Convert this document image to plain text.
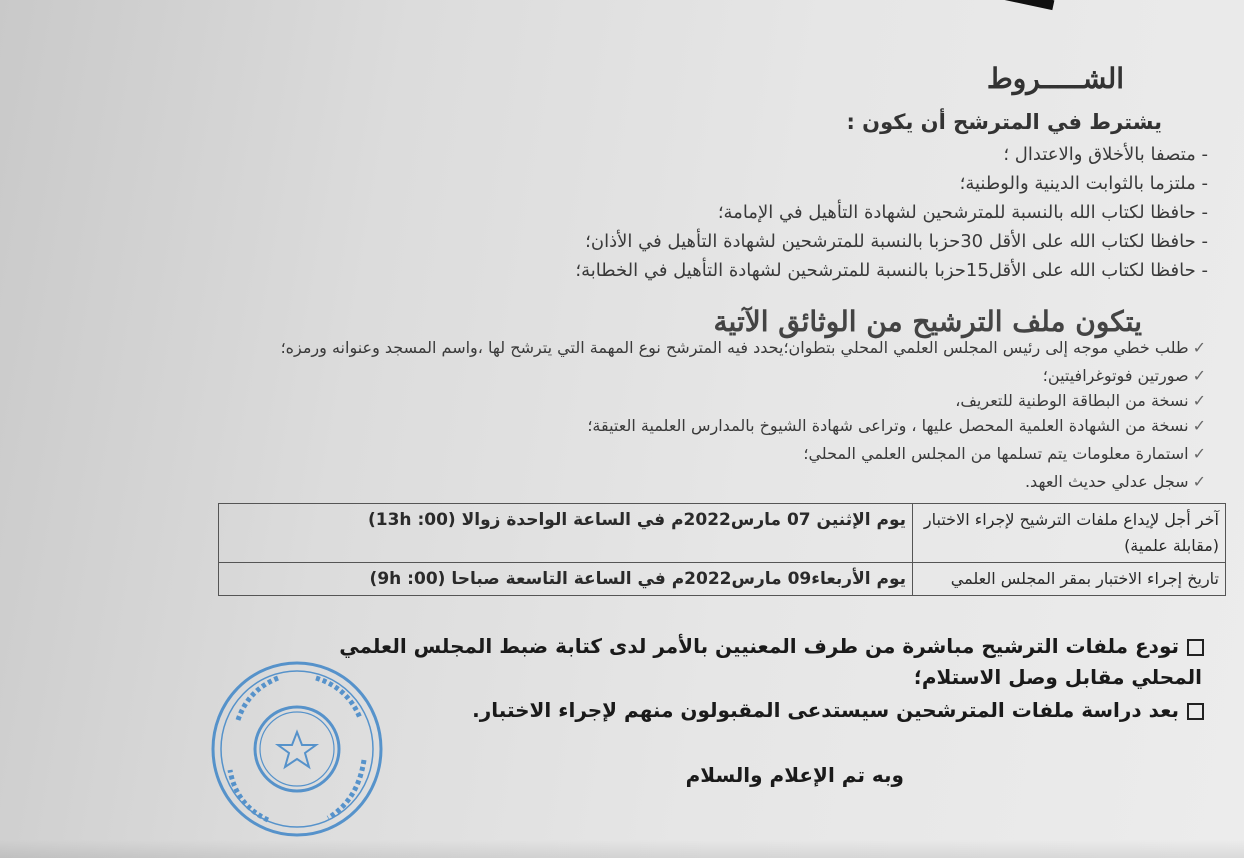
الشـــــروط
يشترط في المترشح أن يكون :
- متصفا بالأخلاق والاعتدال ؛
- ملتزما بالثوابت الدينية والوطنية؛
- حافظا لكتاب الله بالنسبة للمترشحين لشهادة التأهيل في الإمامة؛
- حافظا لكتاب الله على الأقل 30حزبا بالنسبة للمترشحين لشهادة التأهيل في الأذان؛
- حافظا لكتاب الله على الأقل15حزبا بالنسبة للمترشحين لشهادة التأهيل في الخطابة؛
يتكون ملف الترشيح من الوثائق الآتية
✓طلب خطي موجه إلى رئيس المجلس العلمي المحلي بتطوان؛يحدد فيه المترشح نوع المهمة التي يترشح لها ،واسم المسجد وعنوانه ورمزه؛
✓صورتين فوتوغرافيتين؛
✓نسخة من البطاقة الوطنية للتعريف،
✓نسخة من الشهادة العلمية المحصل عليها ، وتراعى شهادة الشيوخ بالمدارس العلمية العتيقة؛
✓استمارة معلومات يتم تسلمها من المجلس العلمي المحلي؛
✓سجل عدلي حديث العهد.
آخر أجل لإيداع ملفات الترشيح لإجراء الاختبار (مقابلة علمية)	يوم الإثنين 07 مارس2022م في الساعة الواحدة زوالا (00: 13h)
تاريخ إجراء الاختبار بمقر المجلس العلمي	يوم الأربعاء09 مارس2022م في الساعة التاسعة صباحا (00: 9h)
تودع ملفات الترشيح مباشرة من طرف المعنيين بالأمر لدى كتابة ضبط المجلس العلمي
المحلي مقابل وصل الاستلام؛
بعد دراسة ملفات المترشحين سيستدعى المقبولون منهم لإجراء الاختبار.
وبه تم الإعلام والسلام
